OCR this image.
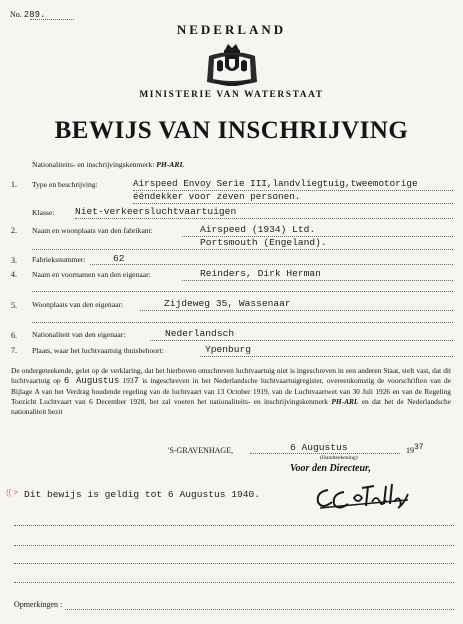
No. 289.
NEDERLAND
MINISTERIE VAN WATERSTAAT
BEWIJS VAN INSCHRIJVING
Nationaliteits- en inschrijvingskenmerk: PH-ARL
1. Type en beschrijving:	Airspeed Envoy Serie III,landvliegtuig,tweemotorige
ééndekker voor zeven personen.
Klasse: Niet-verkeersluchtvaartuigen
2. Naam en woonplaats van den fabrikant:	Airspeed (1934) Ltd.
Portsmouth (Engeland).
3. Fabrieksnummer:	62
4. Naam en voornamen van den eigenaar:	Reinders, Dirk Herman
5. Woonplaats van den eigenaar:	Zijdeweg 35, Wassenaar
6. Nationaliteit van den eigenaar:	Nederlandsch
7. Plaats, waar het luchtvaartuig thuisbehoort:	Ypenburg
De ondergeteekende, gelet op de verklaring, dat het hierboven omschreven luchtvaartuig niet is ingeschreven in een anderen Staat, stelt vast, dat dit luchtvaartuig op 6 Augustus 1937 is ingeschreven in het Nederlandsche luchtvaartuigregister, overeenkomstig de voorschriften van de Bijlage A van het Verdrag houdende regeling van de luchtvaart van 13 October 1919, van de Luchtvaartwet van 30 Juli 1926 en van de Regeling Toezicht Luchtvaart van 6 December 1928, bet zal voeren het nationaliteits- en inschrijvingskenmerk PH-ARL en dat het de Nederlandsche nationaliteit bezit
'S-GRAVENHAGE,	6 Augustus	1937
(Handteekening)
Voor den Directeur,
(( > Dit bewijs is geldig tot 6 Augustus 1940.
Opmerkingen :
